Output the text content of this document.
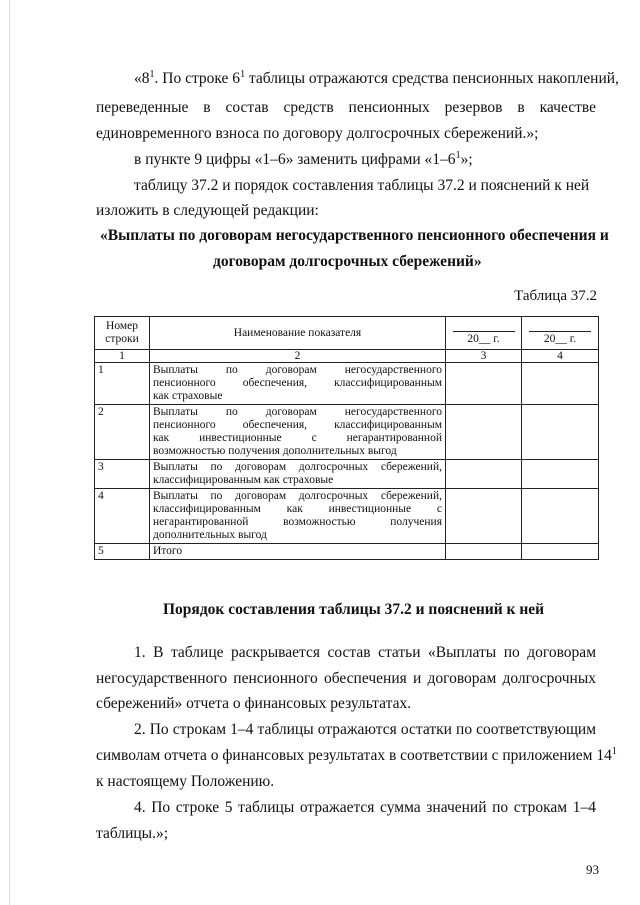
«$8^1$. По строке $6^1$ таблицы отражаются средства пенсионных накоплений,
переведенные в состав средств пенсионных резервов в качестве
единовременного взноса по договору долгосрочных сбережений.»;
в пункте 9 цифры «1–6» заменить цифрами «$1-6^1$»;
таблицу 37.2 и порядок составления таблицы 37.2 и пояснений к ней
изложить в следующей редакции:
«Выплаты по договорам негосударственного пенсионного обеспечения и
договорам долгосрочных сбережений»
Таблица 37.2
Номер строки	Наименование показателя	20__ г.	20__ г.
1	2	3	4
1	Выплаты по договорам негосударственного
пенсионного обеспечения, классифицированным
как страховые		

2	Выплаты по договорам негосударственного
пенсионного обеспечения, классифицированным
как инвестиционные с негарантированной
возможностью получения дополнительных выгод		

3	Выплаты по договорам долгосрочных сбережений,
классифицированным как страховые		

4	Выплаты по договорам долгосрочных сбережений,
классифицированным как инвестиционные с
негарантированной возможностью получения
дополнительных выгод		

5	Итого		

Порядок составления таблицы 37.2 и пояснений к ней
1. В таблице раскрывается состав статьи «Выплаты по договорам
негосударственного пенсионного обеспечения и договорам долгосрочных
сбережений» отчета о финансовых результатах.
2. По строкам 1–4 таблицы отражаются остатки по соответствующим
символам отчета о финансовых результатах в соответствии с приложением $14^1$
к настоящему Положению.
4. По строке 5 таблицы отражается сумма значений по строкам 1–4
таблицы.»;
93
